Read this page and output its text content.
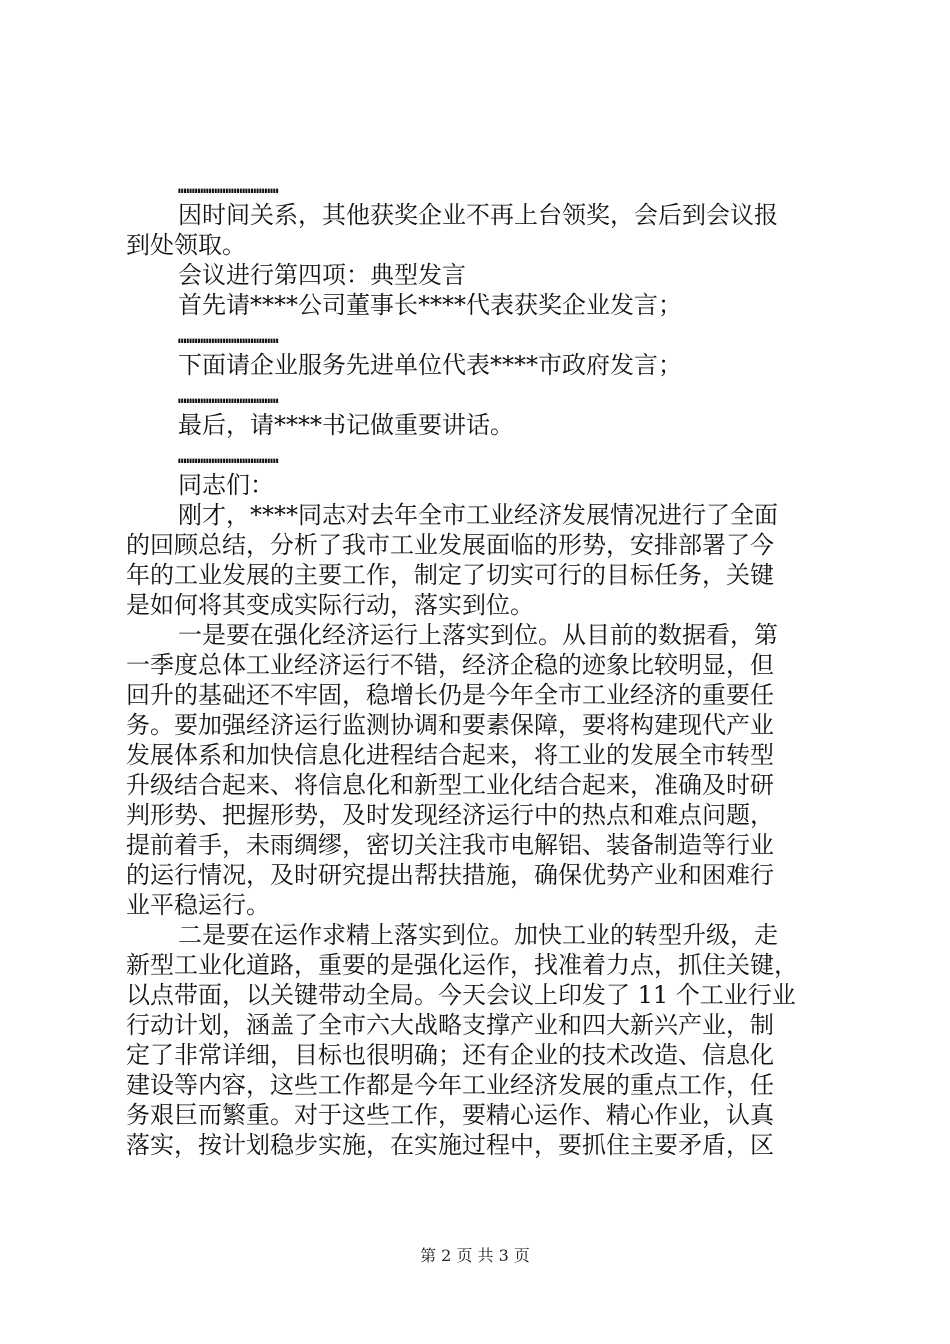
………………………………
因时间关系，其他获奖企业不再上台领奖，会后到会议报
到处领取。
会议进行第四项：典型发言
首先请****公司董事长****代表获奖企业发言；
………………………………
下面请企业服务先进单位代表****市政府发言；
………………………………
最后，请****书记做重要讲话。
………………………………
同志们：
刚才，****同志对去年全市工业经济发展情况进行了全面
的回顾总结，分析了我市工业发展面临的形势，安排部署了今
年的工业发展的主要工作，制定了切实可行的目标任务，关键
是如何将其变成实际行动，落实到位。
一是要在强化经济运行上落实到位。从目前的数据看，第
一季度总体工业经济运行不错，经济企稳的迹象比较明显，但
回升的基础还不牢固，稳增长仍是今年全市工业经济的重要任
务。要加强经济运行监测协调和要素保障，要将构建现代产业
发展体系和加快信息化进程结合起来，将工业的发展全市转型
升级结合起来、将信息化和新型工业化结合起来，准确及时研
判形势、把握形势，及时发现经济运行中的热点和难点问题，
提前着手，未雨绸缪，密切关注我市电解铝、装备制造等行业
的运行情况，及时研究提出帮扶措施，确保优势产业和困难行
业平稳运行。
二是要在运作求精上落实到位。加快工业的转型升级，走
新型工业化道路，重要的是强化运作，找准着力点，抓住关键，
以点带面，以关键带动全局。今天会议上印发了 11 个工业行业
行动计划，涵盖了全市六大战略支撑产业和四大新兴产业，制
定了非常详细，目标也很明确；还有企业的技术改造、信息化
建设等内容，这些工作都是今年工业经济发展的重点工作，任
务艰巨而繁重。对于这些工作，要精心运作、精心作业，认真
落实，按计划稳步实施，在实施过程中，要抓住主要矛盾，区
第 2 页 共 3 页
